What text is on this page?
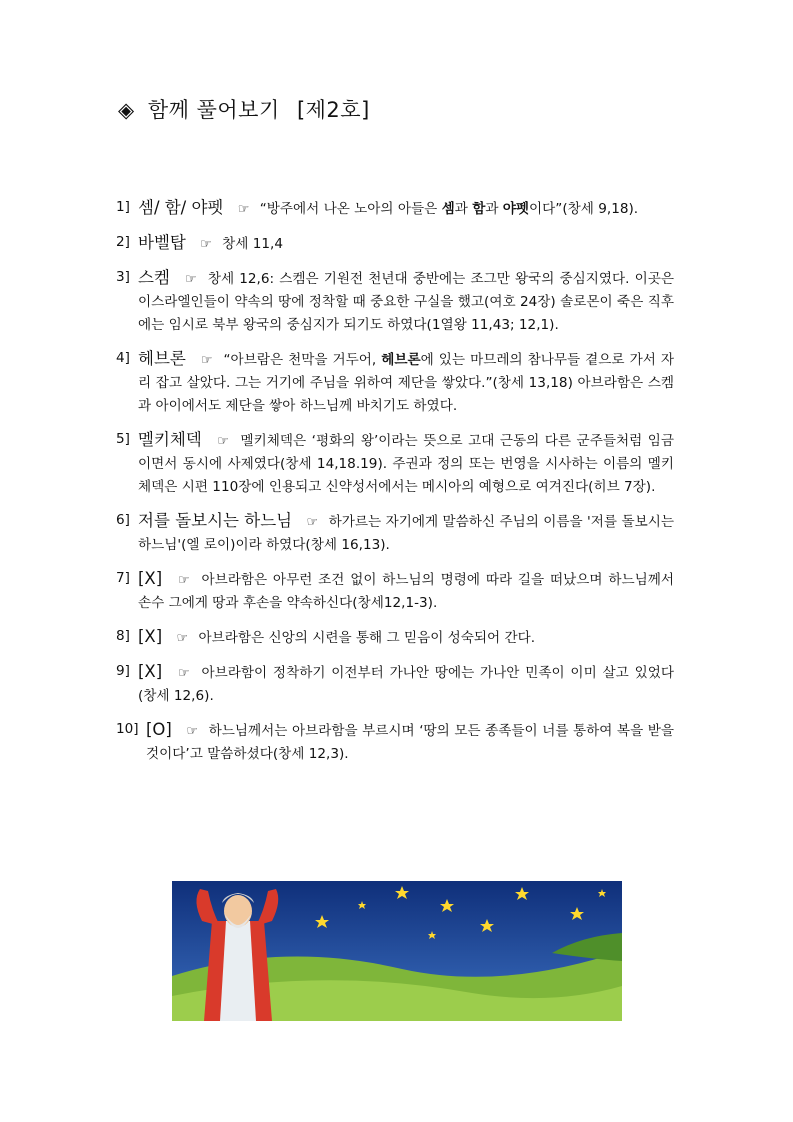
◈ 함께 풀어보기 [제2호]
1] 셈/ 함/ 야펫 ☞ “방주에서 나온 노아의 아들은 셈과 함과 야펫이다”(창세 9,18).
2] 바벨탑 ☞ 창세 11,4
3] 스켐 ☞ 창세 12,6: 스켐은 기원전 천년대 중반에는 조그만 왕국의 중심지였다. 이곳은 이스라엘인들이 약속의 땅에 정착할 때 중요한 구실을 했고(여호 24장) 솔로몬이 죽은 직후에는 임시로 북부 왕국의 중심지가 되기도 하였다(1열왕 11,43; 12,1).
4] 헤브론 ☞ “아브람은 천막을 거두어, 헤브론에 있는 마므레의 참나무들 곁으로 가서 자리 잡고 살았다. 그는 거기에 주님을 위하여 제단을 쌓았다.”(창세 13,18) 아브라함은 스켐과 아이에서도 제단을 쌓아 하느님께 바치기도 하였다.
5] 멜키체덱 ☞ 멜키체덱은 ‘평화의 왕’이라는 뜻으로 고대 근동의 다른 군주들처럼 임금이면서 동시에 사제였다(창세 14,18.19). 주권과 정의 또는 번영을 시사하는 이름의 멜키체덱은 시편 110장에 인용되고 신약성서에서는 메시아의 예형으로 여겨진다(히브 7장).
6] 저를 돌보시는 하느님 ☞ 하가르는 자기에게 말씀하신 주님의 이름을 '저를 돌보시는 하느님'(엘 로이)이라 하였다(창세 16,13).
7] [X] ☞ 아브라함은 아무런 조건 없이 하느님의 명령에 따라 길을 떠났으며 하느님께서 손수 그에게 땅과 후손을 약속하신다(창세12,1-3).
8] [X] ☞ 아브라함은 신앙의 시련을 통해 그 믿음이 성숙되어 간다.
9] [X] ☞ 아브라함이 정착하기 이전부터 가나안 땅에는 가나안 민족이 이미 살고 있었다(창세 12,6).
10] [O] ☞ 하느님께서는 아브라함을 부르시며 ‘땅의 모든 종족들이 너를 통하여 복을 받을 것이다’고 말씀하셨다(창세 12,3).
